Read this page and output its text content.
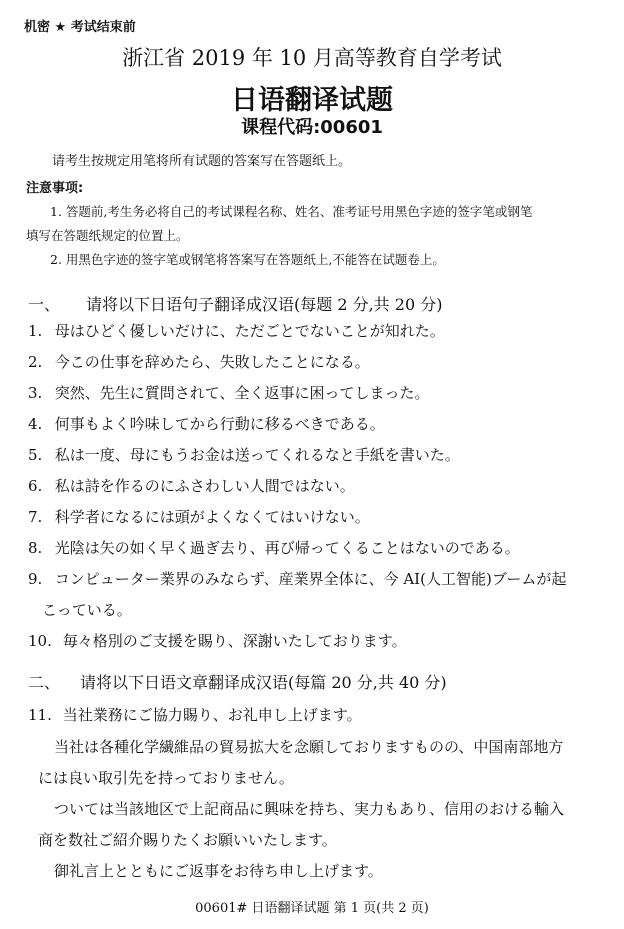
机密 ★ 考试结束前
浙江省 2019 年 10 月高等教育自学考试
日语翻译试题
课程代码:00601
请考生按规定用笔将所有试题的答案写在答题纸上。
注意事项:
1. 答题前,考生务必将自己的考试课程名称、姓名、准考证号用黑色字迹的签字笔或钢笔
填写在答题纸规定的位置上。
2. 用黑色字迹的签字笔或钢笔将答案写在答题纸上,不能答在试题卷上。
一、 请将以下日语句子翻译成汉语(每题 2 分,共 20 分)
1. 母はひどく優しいだけに、ただごとでないことが知れた。
2. 今この仕事を辞めたら、失敗したことになる。
3. 突然、先生に質問されて、全く返事に困ってしまった。
4. 何事もよく吟味してから行動に移るべきである。
5. 私は一度、母にもうお金は送ってくれるなと手紙を書いた。
6. 私は詩を作るのにふさわしい人間ではない。
7. 科学者になるには頭がよくなくてはいけない。
8. 光陰は矢の如く早く過ぎ去り、再び帰ってくることはないのである。
9. コンピューター業界のみならず、産業界全体に、今 AI(人工智能)ブームが起
こっている。
10. 毎々格別のご支援を賜り、深謝いたしております。
二、 请将以下日语文章翻译成汉语(每篇 20 分,共 40 分)
11. 当社業務にご協力賜り、お礼申し上げます。
当社は各種化学繊維品の貿易拡大を念願しておりますものの、中国南部地方
には良い取引先を持っておりません。
ついては当該地区で上記商品に興味を持ち、実力もあり、信用のおける輸入
商を数社ご紹介賜りたくお願いいたします。
御礼言上とともにご返事をお待ち申し上げます。
00601# 日语翻译试题 第 1 页(共 2 页)
